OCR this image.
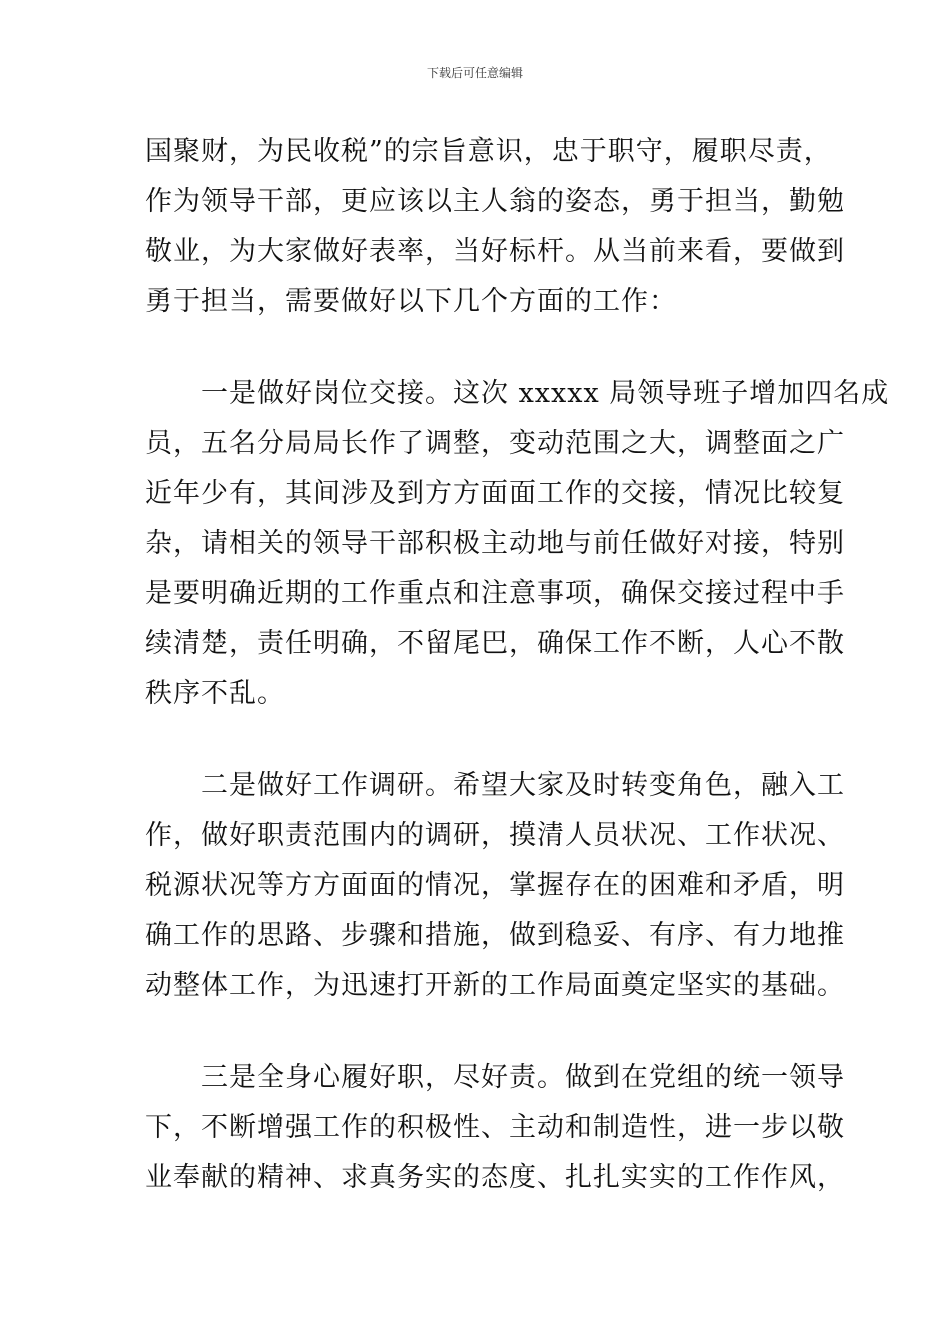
下载后可任意编辑

国聚财，为民收税”的宗旨意识，忠于职守，履职尽责，
作为领导干部，更应该以主人翁的姿态，勇于担当，勤勉
敬业，为大家做好表率，当好标杆。从当前来看，要做到
勇于担当，需要做好以下几个方面的工作：

　　一是做好岗位交接。这次 xxxxx 局领导班子增加四名成
员，五名分局局长作了调整，变动范围之大，调整面之广
近年少有，其间涉及到方方面面工作的交接，情况比较复
杂，请相关的领导干部积极主动地与前任做好对接，特别
是要明确近期的工作重点和注意事项，确保交接过程中手
续清楚，责任明确，不留尾巴，确保工作不断，人心不散
秩序不乱。

　　二是做好工作调研。希望大家及时转变角色，融入工
作，做好职责范围内的调研，摸清人员状况、工作状况、
税源状况等方方面面的情况，掌握存在的困难和矛盾，明
确工作的思路、步骤和措施，做到稳妥、有序、有力地推
动整体工作，为迅速打开新的工作局面奠定坚实的基础。

　　三是全身心履好职，尽好责。做到在党组的统一领导
下，不断增强工作的积极性、主动和制造性，进一步以敬
业奉献的精神、求真务实的态度、扎扎实实的工作作风，
